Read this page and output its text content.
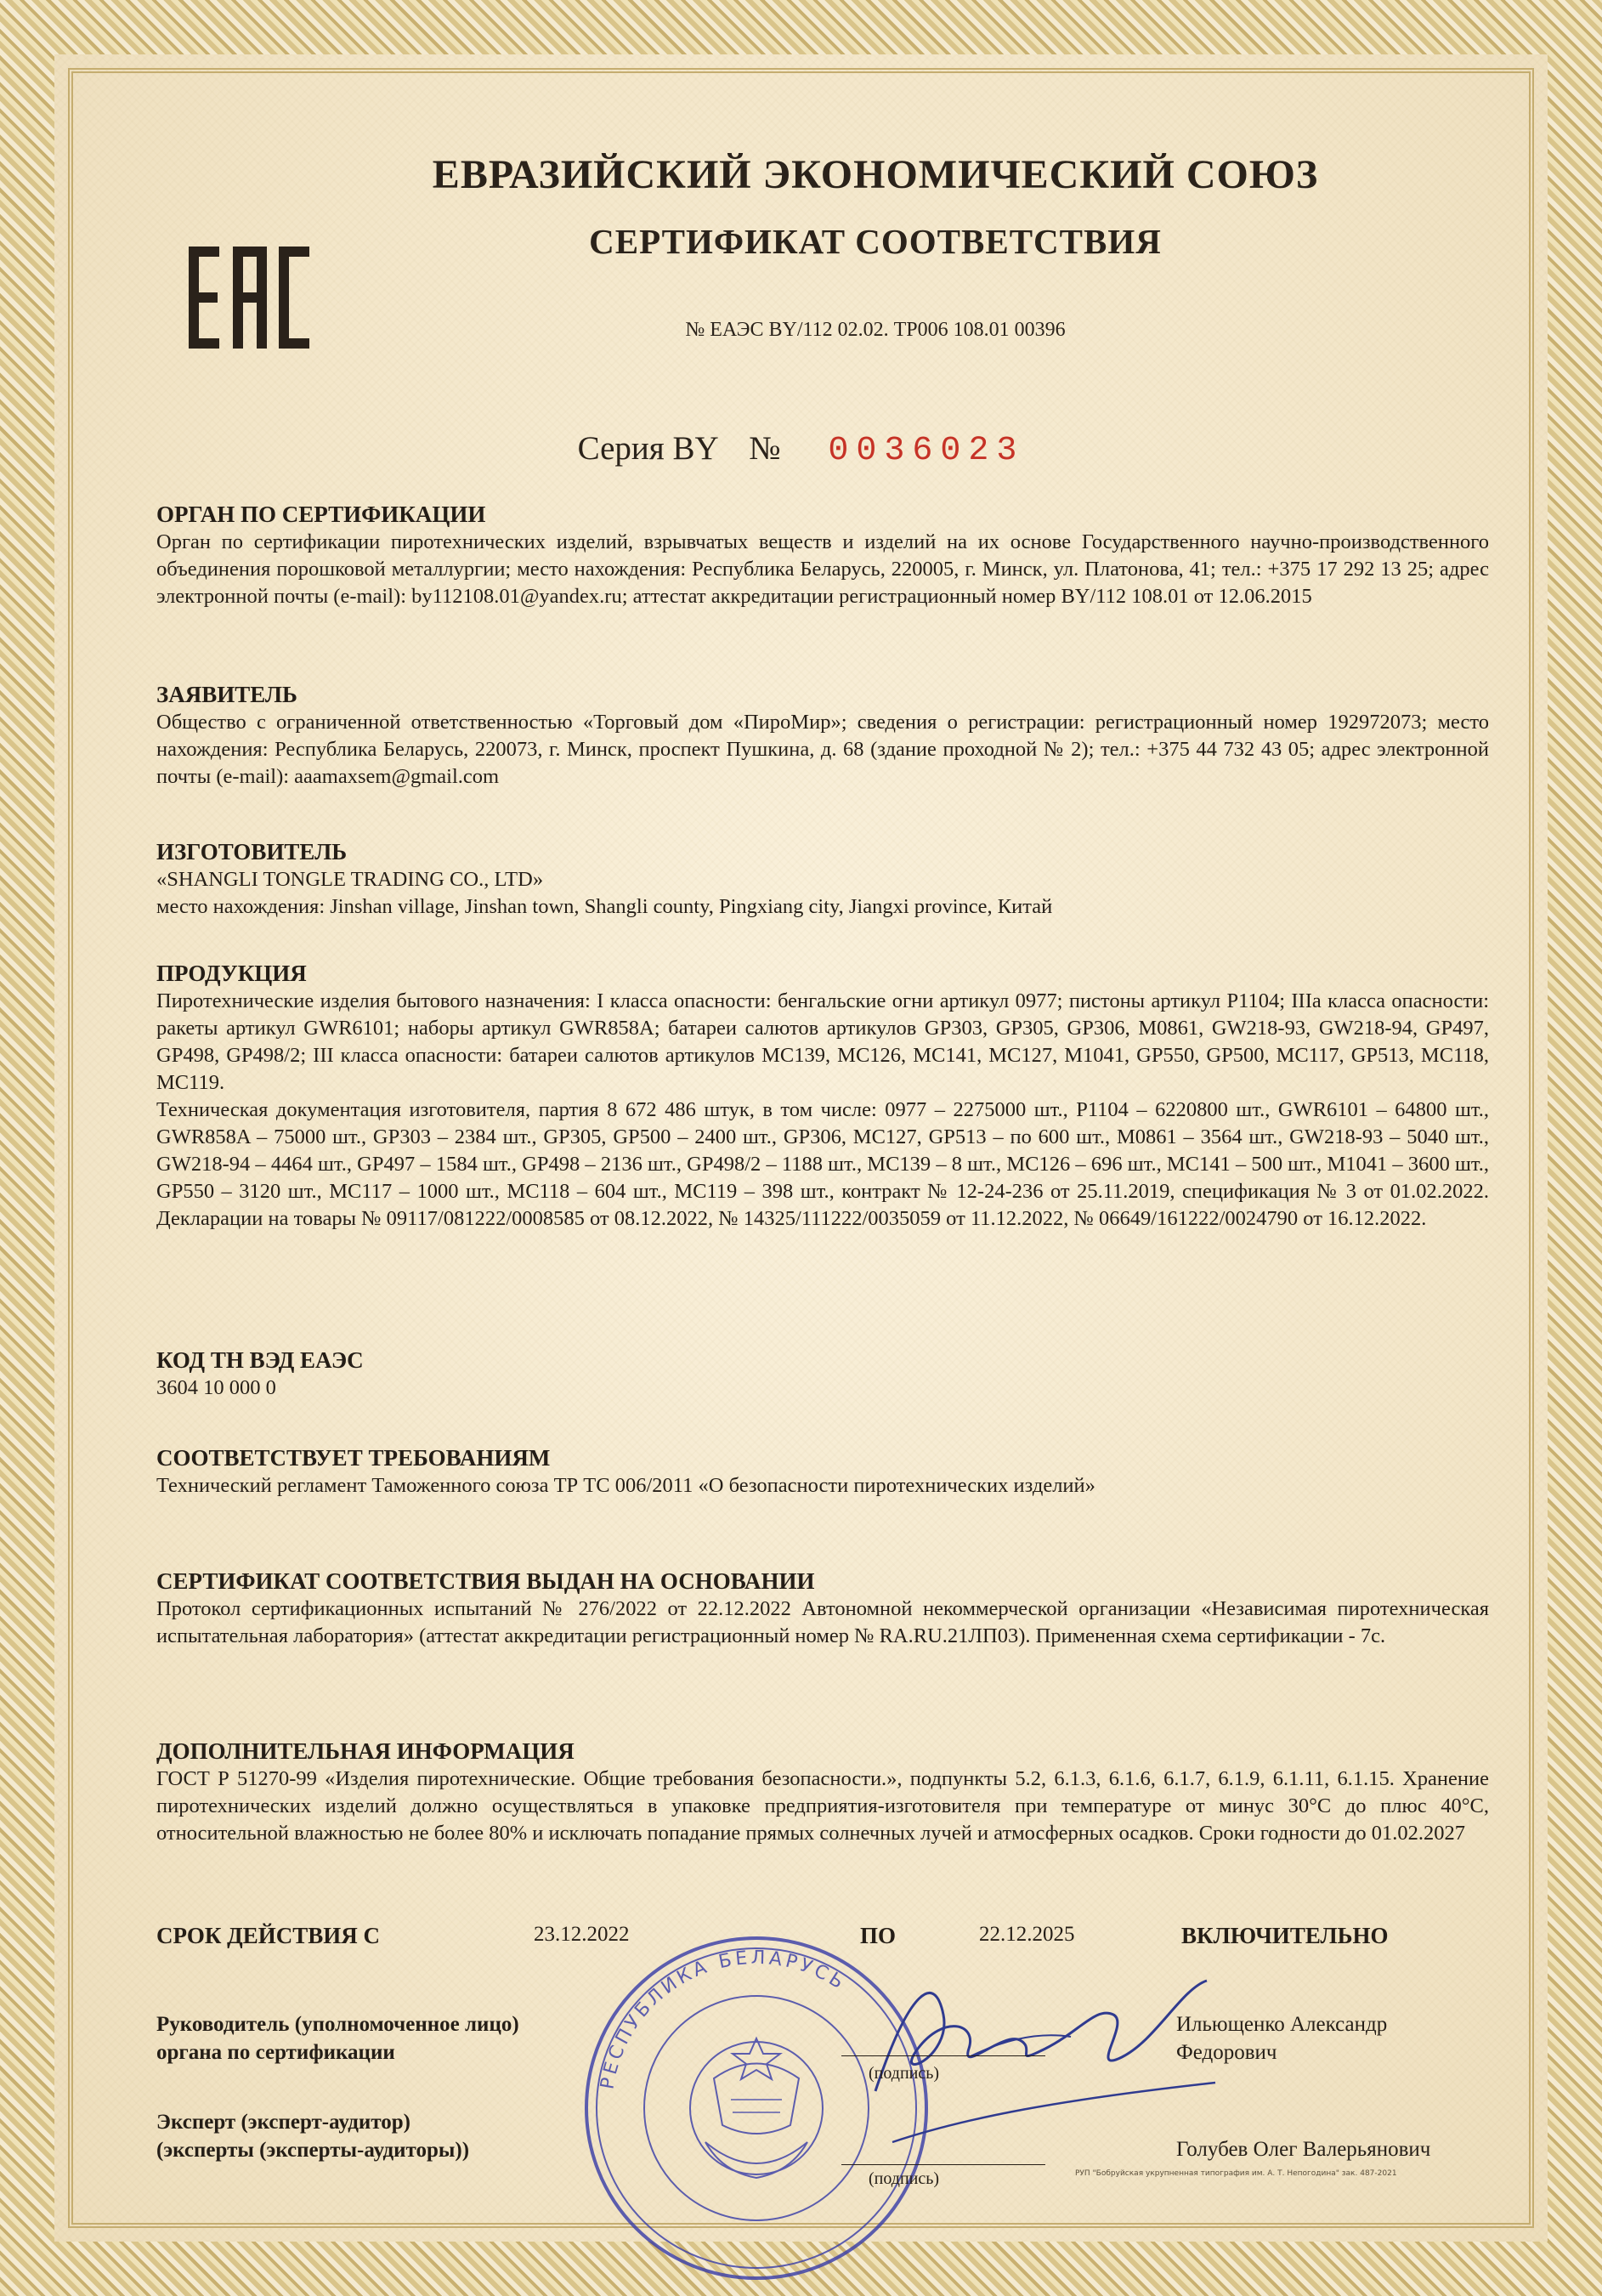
ЕВРАЗИЙСКИЙ ЭКОНОМИЧЕСКИЙ СОЮЗ
СЕРТИФИКАТ СООТВЕТСТВИЯ
№ ЕАЭС BY/112 02.02. ТР006 108.01 00396
Серия BY № 0036023
ОРГАН ПО СЕРТИФИКАЦИИ
Орган по сертификации пиротехнических изделий, взрывчатых веществ и изделий на их основе Государственного научно-производственного объединения порошковой металлургии; место нахождения: Республика Беларусь, 220005, г. Минск, ул. Платонова, 41; тел.: +375 17 292 13 25; адрес электронной почты (e-mail): by112108.01@yandex.ru; аттестат аккредитации регистрационный номер BY/112 108.01 от 12.06.2015
ЗАЯВИТЕЛЬ
Общество с ограниченной ответственностью «Торговый дом «ПироМир»; сведения о регистрации: регистрационный номер 192972073; место нахождения: Республика Беларусь, 220073, г. Минск, проспект Пушкина, д. 68 (здание проходной № 2); тел.: +375 44 732 43 05; адрес электронной почты (e-mail): aaamaxsem@gmail.com
ИЗГОТОВИТЕЛЬ
«SHANGLI TONGLE TRADING CO., LTD»
место нахождения: Jinshan village, Jinshan town, Shangli county, Pingxiang city, Jiangxi province, Китай
ПРОДУКЦИЯ

Пиротехнические изделия бытового назначения: I класса опасности: бенгальские огни артикул 0977; пистоны артикул P1104; IIIa класса опасности: ракеты артикул GWR6101; наборы артикул GWR858A; батареи салютов артикулов GP303, GP305, GP306, M0861, GW218-93, GW218-94, GP497, GP498, GP498/2; III класса опасности: батареи салютов артикулов MC139, MC126, MC141, MC127, M1041, GP550, GP500, MC117, GP513, MC118, MC119.

Техническая документация изготовителя, партия 8 672 486 штук, в том числе: 0977 – 2275000 шт., P1104 – 6220800 шт., GWR6101 – 64800 шт., GWR858A – 75000 шт., GP303 – 2384 шт., GP305, GP500 – 2400 шт., GP306, MC127, GP513 – по 600 шт., M0861 – 3564 шт., GW218-93 – 5040 шт., GW218-94 – 4464 шт., GP497 – 1584 шт., GP498 – 2136 шт., GP498/2 – 1188 шт., MC139 – 8 шт., MC126 – 696 шт., MC141 – 500 шт., M1041 – 3600 шт., GP550 – 3120 шт., MC117 – 1000 шт., MC118 – 604 шт., MC119 – 398 шт., контракт № 12-24-236 от 25.11.2019, спецификация № 3 от 01.02.2022. Декларации на товары № 09117/081222/0008585 от 08.12.2022, № 14325/111222/0035059 от 11.12.2022, № 06649/161222/0024790 от 16.12.2022.

КОД ТН ВЭД ЕАЭС
3604 10 000 0
СООТВЕТСТВУЕТ ТРЕБОВАНИЯМ
Технический регламент Таможенного союза ТР ТС 006/2011 «О безопасности пиротехнических изделий»
СЕРТИФИКАТ СООТВЕТСТВИЯ ВЫДАН НА ОСНОВАНИИ
Протокол сертификационных испытаний № 276/2022 от 22.12.2022 Автономной некоммерческой организации «Независимая пиротехническая испытательная лаборатория» (аттестат аккредитации регистрационный номер № RA.RU.21ЛП03). Примененная схема сертификации - 7с.
ДОПОЛНИТЕЛЬНАЯ ИНФОРМАЦИЯ
ГОСТ Р 51270-99 «Изделия пиротехнические. Общие требования безопасности.», подпункты 5.2, 6.1.3, 6.1.6, 6.1.7, 6.1.9, 6.1.11, 6.1.15. Хранение пиротехнических изделий должно осуществляться в упаковке предприятия-изготовителя при температуре от минус 30°С до плюс 40°С, относительной влажностью не более 80% и исключать попадание прямых солнечных лучей и атмосферных осадков. Сроки годности до 01.02.2027
СРОК ДЕЙСТВИЯ С	23.12.2022	ПО	22.12.2025	ВКЛЮЧИТЕЛЬНО
РЕСПУБЛИКА БЕЛАРУСЬ
Руководитель (уполномоченное лицо)
органа по сертификации
(подпись)
Ильющенко Александр
Федорович
Эксперт (эксперт-аудитор)
(эксперты (эксперты-аудиторы))
(подпись)
Голубев Олег Валерьянович
РУП "Бобруйская укрупненная типография им. А. Т. Непогодина" зак. 487-2021
